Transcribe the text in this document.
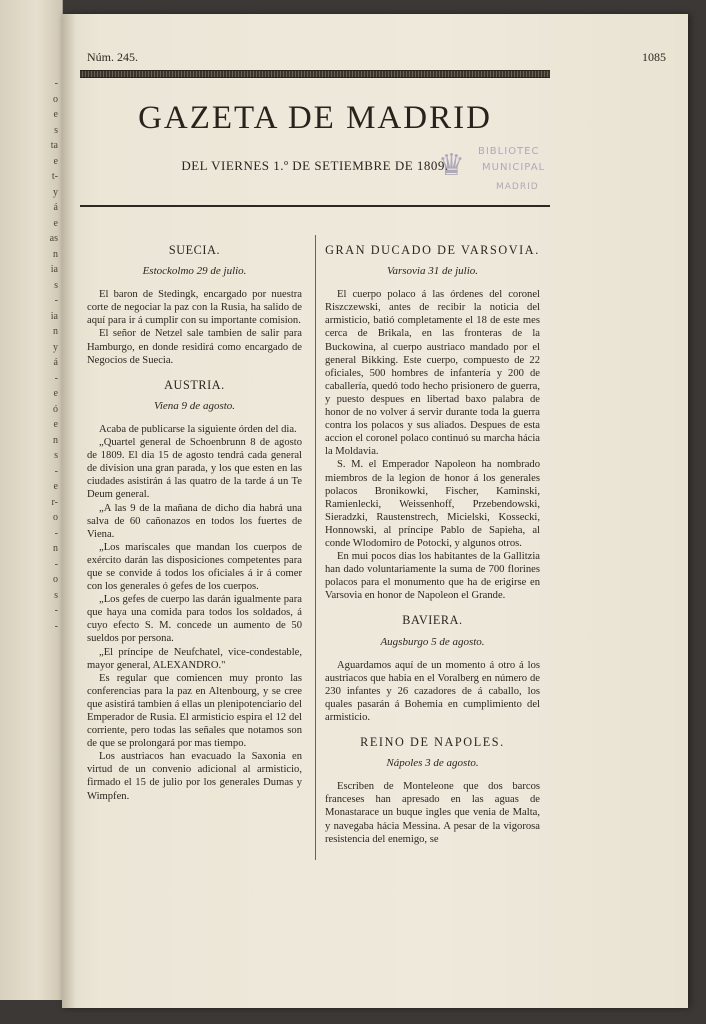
-
o
e
s
ta
e
t-
y
á
e
as
n
ia
s
-
ia
n
y
á
-
e
ó
e
n
s
-
e
r-
o
-
n
-
o
s
-
-
Núm. 245.	1085
GAZETA DE MADRID
DEL VIERNES 1.º DE SETIEMBRE DE 1809.
♛ BIBLIOTEC
MUNICIPAL
MADRID

SUECIA.

Estockolmo 29 de julio.

El baron de Stedingk, encargado por nuestra corte de negociar la paz con la Rusia, ha salido de aquí para ir á cumplir con su importante comision.

El señor de Netzel sale tambien de salir para Hamburgo, en donde residirá como encargado de Negocios de Suecia.

AUSTRIA.

Viena 9 de agosto.

Acaba de publicarse la siguiente órden del dia.

„Quartel general de Schoenbrunn 8 de agosto de 1809. El dia 15 de agosto tendrá cada general de division una gran parada, y los que esten en las ciudades asistirán á las quatro de la tarde á un Te Deum general.

„A las 9 de la mañana de dicho dia habrá una salva de 60 cañonazos en todos los fuertes de Viena.

„Los mariscales que mandan los cuerpos de exército darán las disposiciones competentes para que se convide á todos los oficiales á ir á comer con los generales ó gefes de los cuerpos.

„Los gefes de cuerpo las darán igualmente para que haya una comida para todos los soldados, á cuyo efecto S. M. concede un aumento de 50 sueldos por persona.

„El príncipe de Neufchatel, vice-condestable, mayor general, ALEXANDRO."

Es regular que comiencen muy pronto las conferencias para la paz en Altenbourg, y se cree que asistirá tambien á ellas un plenipotenciario del Emperador de Rusia. El armisticio espira el 12 del corriente, pero todas las señales que notamos son de que se prolongará por mas tiempo.

Los austriacos han evacuado la Saxonia en virtud de un convenio adicional al armisticio, firmado el 15 de julio por los generales Dumas y Wimpfen.

GRAN DUCADO DE VARSOVIA.

Varsovia 31 de julio.

El cuerpo polaco á las órdenes del coronel Riszczewski, antes de recibir la noticia del armisticio, batió completamente el 18 de este mes cerca de Brikala, en las fronteras de la Buckowina, al cuerpo austriaco mandado por el general Bikking. Este cuerpo, compuesto de 22 oficiales, 500 hombres de infantería y 200 de caballería, quedó todo hecho prisionero de guerra, y puesto despues en libertad baxo palabra de honor de no volver á servir durante toda la guerra contra los polacos y sus aliados. Despues de esta accion el coronel polaco continuó su marcha hácia la Moldavia.

S. M. el Emperador Napoleon ha nombrado miembros de la legion de honor á los generales polacos Bronikowki, Fischer, Kaminski, Ramienlecki, Weissenhoff, Przebendowski, Sieradzki, Raustenstrech, Micielski, Kossecki, Honnowski, al príncipe Pablo de Sapieha, al conde Wlodomiro de Potocki, y algunos otros.

En mui pocos dias los habitantes de la Gallitzia han dado voluntariamente la suma de 700 florines polacos para el monumento que ha de erigirse en Varsovia en honor de Napoleon el Grande.

BAVIERA.

Augsburgo 5 de agosto.

Aguardamos aquí de un momento á otro á los austriacos que habia en el Voralberg en número de 230 infantes y 26 cazadores de á caballo, los quales pasarán á Bohemia en cumplimiento del armisticio.

REINO DE NAPOLES.

Nápoles 3 de agosto.

Escriben de Monteleone que dos barcos franceses han apresado en las aguas de Monastarace un buque ingles que venia de Malta, y navegaba hácia Messina. A pesar de la vigorosa resistencia del enemigo, se
